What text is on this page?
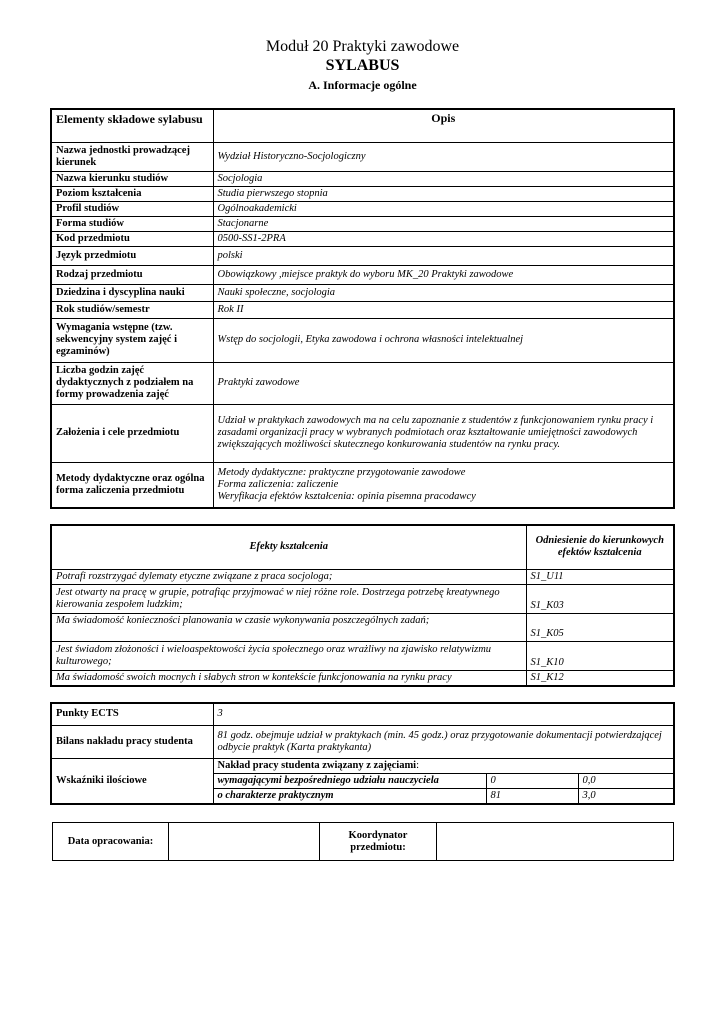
Moduł 20 Praktyki zawodowe
SYLABUS
A. Informacje ogólne
Elementy składowe sylabusu	Opis
Nazwa jednostki prowadzącej kierunek	Wydział Historyczno-Socjologiczny
Nazwa kierunku studiów	Socjologia
Poziom kształcenia	Studia pierwszego stopnia
Profil studiów	Ogólnoakademicki
Forma studiów	Stacjonarne
Kod przedmiotu	0500-SS1-2PRA
Język przedmiotu	polski
Rodzaj przedmiotu	Obowiązkowy ,miejsce praktyk do wyboru MK_20 Praktyki zawodowe
Dziedzina i dyscyplina nauki	Nauki społeczne, socjologia
Rok studiów/semestr	Rok II
Wymagania wstępne (tzw. sekwencyjny system zajęć i egzaminów)	Wstęp do socjologii, Etyka zawodowa i ochrona własności intelektualnej
Liczba godzin zajęć dydaktycznych z podziałem na formy prowadzenia zajęć	Praktyki zawodowe
Założenia i cele przedmiotu	Udział w praktykach zawodowych ma na celu zapoznanie z studentów z funkcjonowaniem rynku pracy i zasadami organizacji pracy w wybranych podmiotach oraz kształtowanie umiejętności zawodowych zwiększających możliwości skutecznego konkurowania studentów na rynku pracy.
Metody dydaktyczne oraz ogólna forma zaliczenia przedmiotu	Metody dydaktyczne: praktyczne przygotowanie zawodowe
Forma zaliczenia: zaliczenie
Weryfikacja efektów kształcenia: opinia pisemna pracodawcy
Efekty kształcenia	Odniesienie do kierunkowych efektów kształcenia
Potrafi rozstrzygać dylematy etyczne związane z praca socjologa;	S1_U11
Jest otwarty na pracę w grupie, potrafiąc przyjmować w niej różne role. Dostrzega potrzebę kreatywnego kierowania zespołem ludzkim;	S1_K03
Ma świadomość konieczności planowania w czasie wykonywania poszczególnych zadań;	S1_K05
Jest świadom złożoności i wieloaspektowości życia społecznego oraz wrażliwy na zjawisko relatywizmu kulturowego;	S1_K10
Ma świadomość swoich mocnych i słabych stron w kontekście funkcjonowania na rynku pracy	S1_K12
Punkty ECTS	3		
Bilans nakładu pracy studenta	81 godz. obejmuje udział w praktykach (min. 45 godz.) oraz przygotowanie dokumentacji potwierdzającej odbycie praktyk (Karta praktykanta)		
Wskaźniki ilościowe	Nakład pracy studenta związany z zajęciami:		
	wymagającymi bezpośredniego udziału nauczyciela	0	0,0
	o charakterze praktycznym	81	3,0
Data opracowania:		Koordynator przedmiotu:	
